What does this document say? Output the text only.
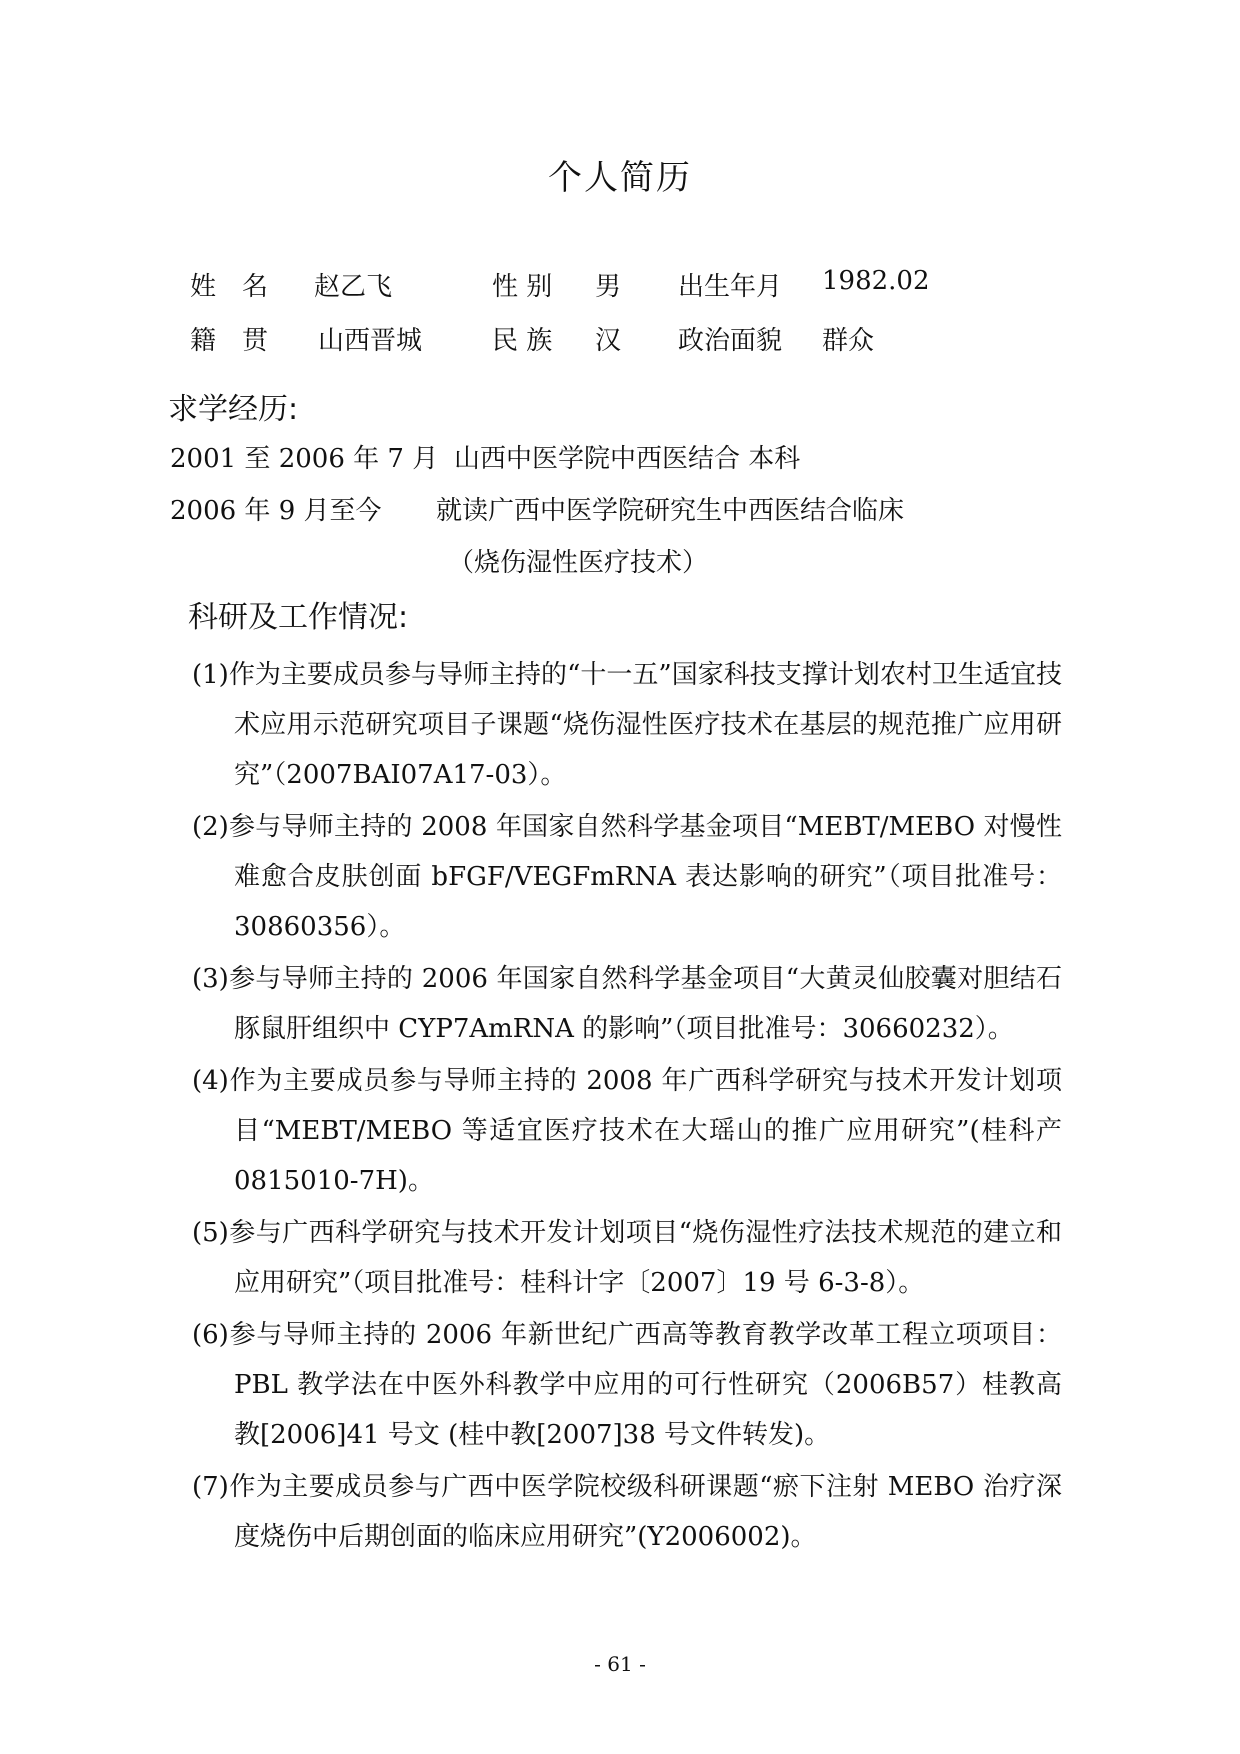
个人简历
姓　名 赵乙飞	性 别 男 出生年月 1982.02
籍　贯 山西晋城	民 族 汉 政治面貌 群众
求学经历:
2001 至 2006 年 7 月 山西中医学院中西医结合 本科
2006 年 9 月至今 就读广西中医学院研究生中西医结合临床
（烧伤湿性医疗技术）
科研及工作情况:
(1)作为主要成员参与导师主持的“十一五”国家科技支撑计划农村卫生适宜技术应用示范研究项目子课题“烧伤湿性医疗技术在基层的规范推广应用研究”（2007BAI07A17-03）。
(2)参与导师主持的 2008 年国家自然科学基金项目“MEBT/MEBO 对慢性难愈合皮肤创面 bFGF/VEGFmRNA 表达影响的研究”（项目批准号：30860356）。
(3)参与导师主持的 2006 年国家自然科学基金项目“大黄灵仙胶囊对胆结石豚鼠肝组织中 CYP7AmRNA 的影响”（项目批准号：30660232）。
(4)作为主要成员参与导师主持的 2008 年广西科学研究与技术开发计划项目“MEBT/MEBO 等适宜医疗技术在大瑶山的推广应用研究”(桂科产 0815010-7H)。
(5)参与广西科学研究与技术开发计划项目“烧伤湿性疗法技术规范的建立和应用研究”（项目批准号：桂科计字〔2007〕19 号 6-3-8）。
(6)参与导师主持的 2006 年新世纪广西高等教育教学改革工程立项项目：PBL 教学法在中医外科教学中应用的可行性研究（2006B57）桂教高教[2006]41 号文 (桂中教[2007]38 号文件转发)。
(7)作为主要成员参与广西中医学院校级科研课题“瘀下注射 MEBO 治疗深度烧伤中后期创面的临床应用研究”(Y2006002)。
- 61 -
